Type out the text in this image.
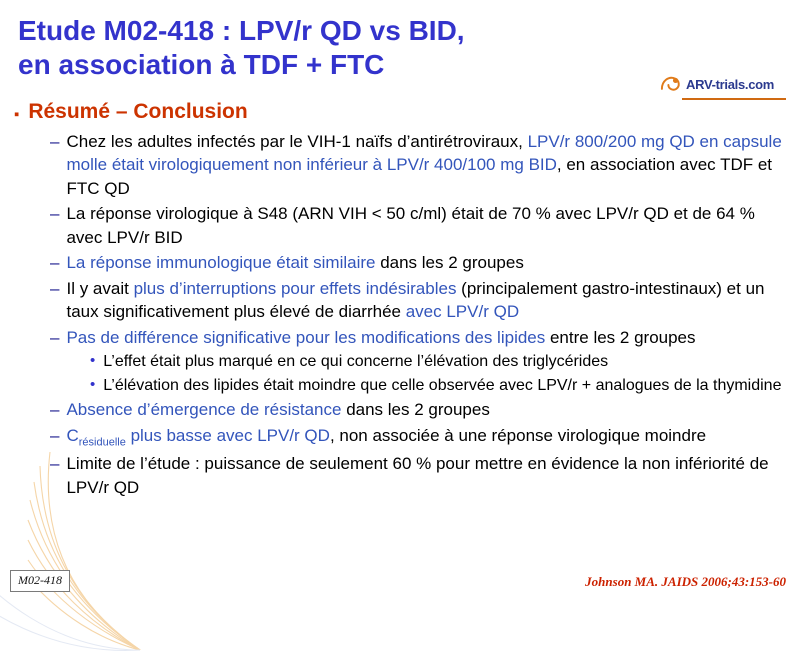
Etude M02-418 : LPV/r QD vs BID,
en association à TDF + FTC
ARV-trials.com
▪ Résumé – Conclusion
– Chez les adultes infectés par le VIH-1 naïfs d’antirétroviraux, LPV/r 800/200 mg QD en capsule molle était virologiquement non inférieur à LPV/r 400/100 mg BID, en association avec TDF et FTC QD
– La réponse virologique à S48 (ARN VIH < 50 c/ml) était de 70 % avec LPV/r QD et de 64 % avec LPV/r BID
– La réponse immunologique était similaire dans les 2 groupes
– Il y avait plus d’interruptions pour effets indésirables (principalement gastro-intestinaux) et un taux significativement plus élevé de diarrhée avec LPV/r QD
– Pas de différence significative pour les modifications des lipides entre les 2 groupes
• L’effet était plus marqué en ce qui concerne l’élévation des triglycérides
• L’élévation des lipides était moindre que celle observée avec LPV/r + analogues de la thymidine
– Absence d’émergence de résistance dans les 2 groupes
– $C_{résiduelle}$ plus basse avec LPV/r QD, non associée à une réponse virologique moindre
– Limite de l’étude : puissance de seulement 60 % pour mettre en évidence la non infériorité de LPV/r QD
M02-418	Johnson MA. JAIDS 2006;43:153-60
